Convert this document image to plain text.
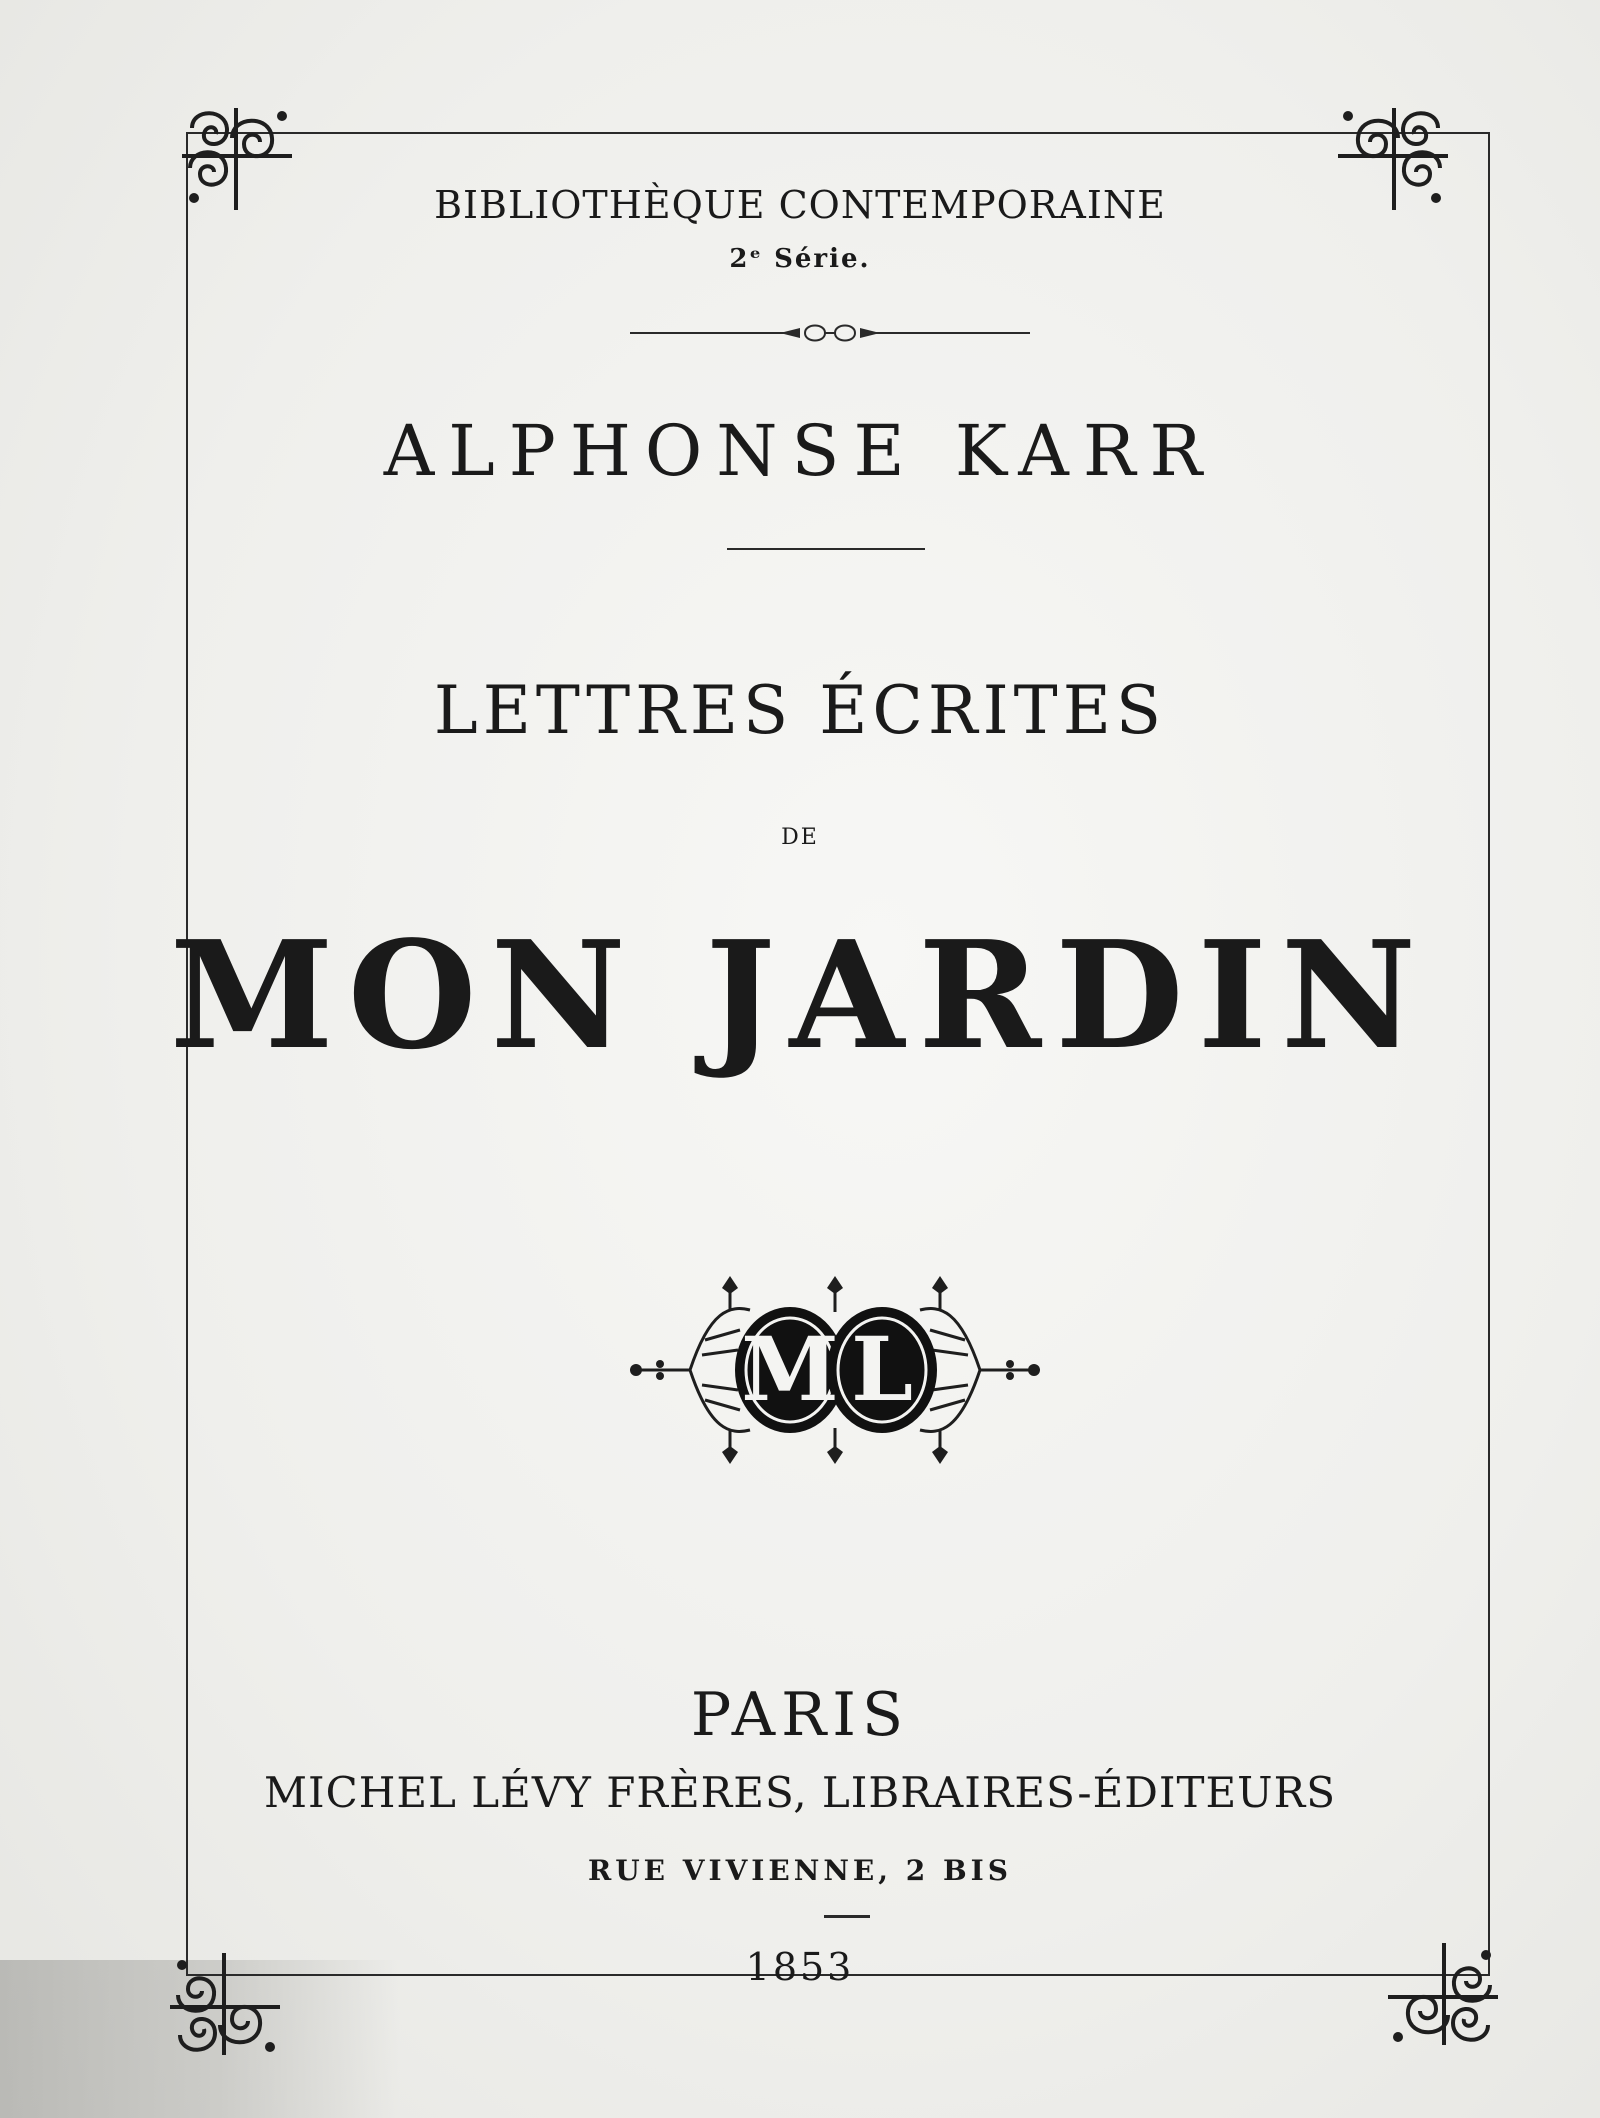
BIBLIOTHÈQUE CONTEMPORAINE
2ᵉ Série.
ALPHONSE KARR
LETTRES ÉCRITES
DE
MON JARDIN
M L
PARIS
MICHEL LÉVY FRÈRES, LIBRAIRES-ÉDITEURS
RUE VIVIENNE, 2 BIS
1853
